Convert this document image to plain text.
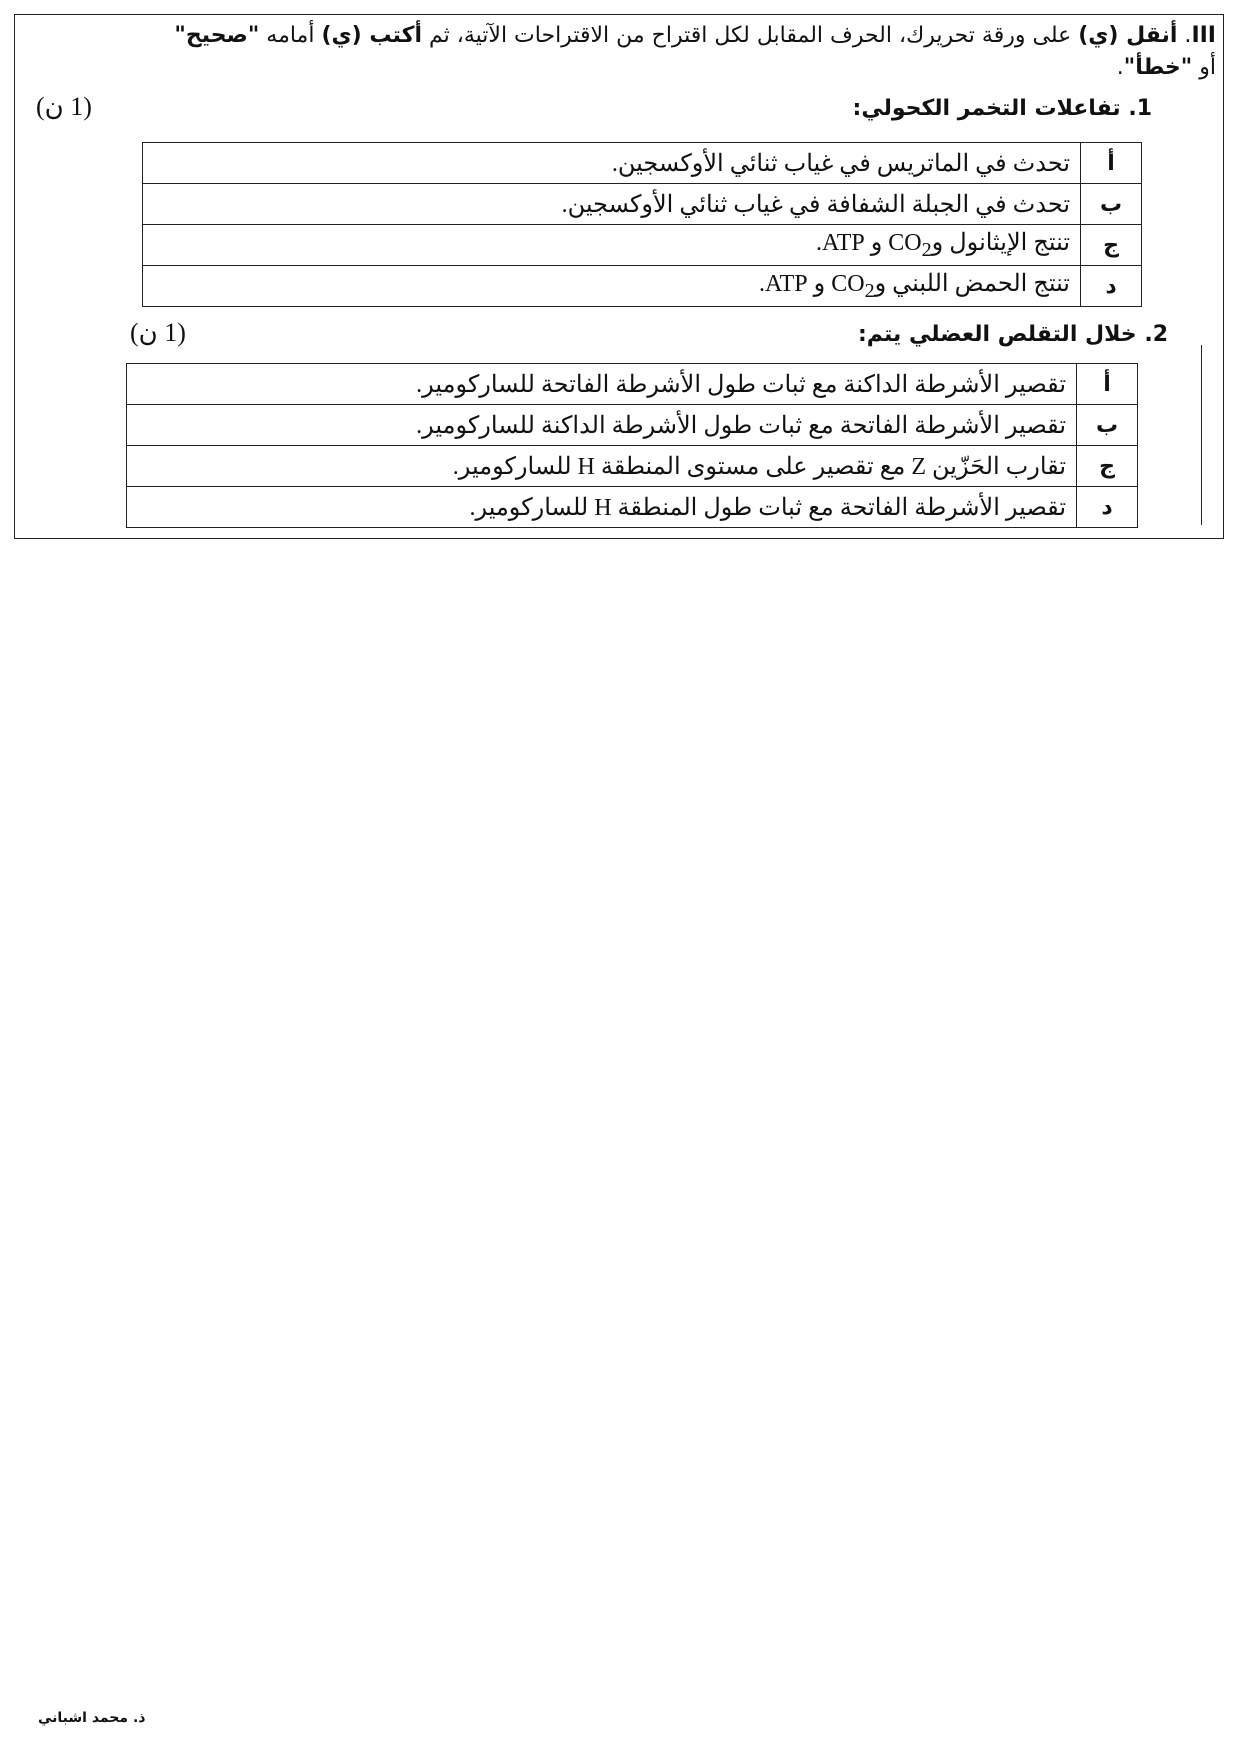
III. أنقل (ي) على ورقة تحريرك، الحرف المقابل لكل اقتراح من الاقتراحات الآتية، ثم أكتب (ي) أمامه "صحيح"
أو "خطأ".
1. تفاعلات التخمر الكحولي:
(1 ن)
أ	تحدث في الماتريس في غياب ثنائي الأوكسجين.
ب	تحدث في الجبلة الشفافة في غياب ثنائي الأوكسجين.
ج	تنتج الإيثانول وCO$_2$ و ATP.
د	تنتج الحمض اللبني وCO$_2$ و ATP.
2. خلال التقلص العضلي يتم:
(1 ن)
أ	تقصير الأشرطة الداكنة مع ثبات طول الأشرطة الفاتحة للساركومير.
ب	تقصير الأشرطة الفاتحة مع ثبات طول الأشرطة الداكنة للساركومير.
ج	تقارب الحَزّين Z مع تقصير على مستوى المنطقة H للساركومير.
د	تقصير الأشرطة الفاتحة مع ثبات طول المنطقة H للساركومير.
ذ. محمد اشباني
